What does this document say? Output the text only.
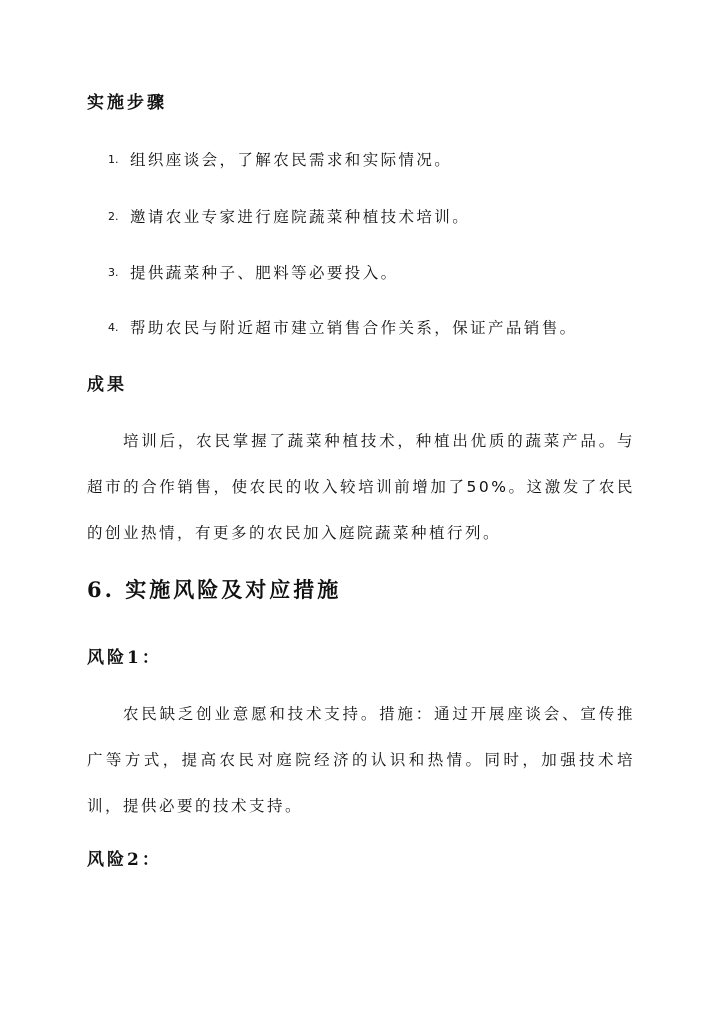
实施步骤
1. 组织座谈会，了解农民需求和实际情况。
2. 邀请农业专家进行庭院蔬菜种植技术培训。
3. 提供蔬菜种子、肥料等必要投入。
4. 帮助农民与附近超市建立销售合作关系，保证产品销售。
成果

培训后，农民掌握了蔬菜种植技术，种植出优质的蔬菜产品。与超市的合作销售，使农民的收入较培训前增加了50%。这激发了农民的创业热情，有更多的农民加入庭院蔬菜种植行列。

6. 实施风险及对应措施
风险1：

农民缺乏创业意愿和技术支持。措施：通过开展座谈会、宣传推广等方式，提高农民对庭院经济的认识和热情。同时，加强技术培训，提供必要的技术支持。

风险2：
